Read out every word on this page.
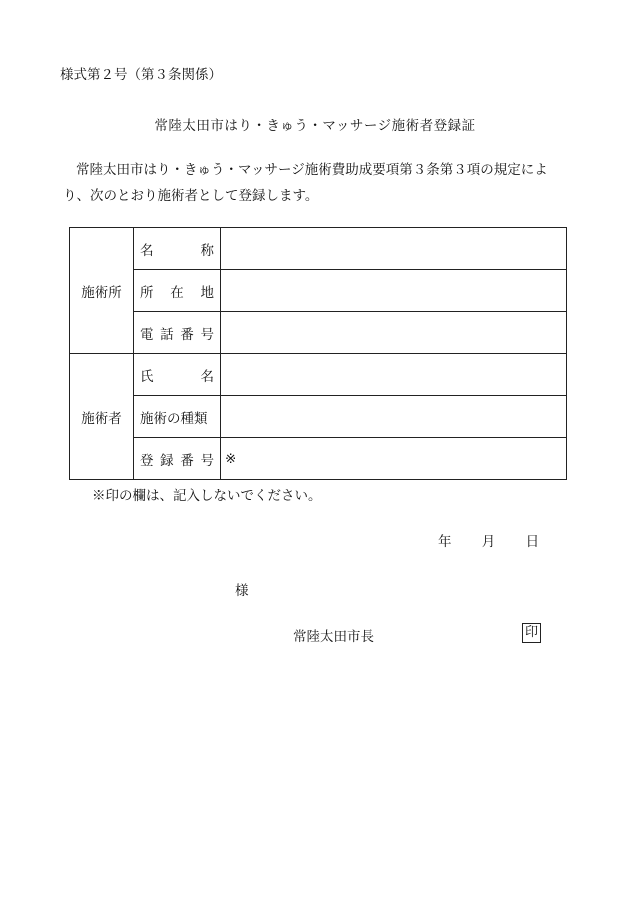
様式第２号（第３条関係）
常陸太田市はり・きゅう・マッサージ施術者登録証
常陸太田市はり・きゅう・マッサージ施術費助成要項第３条第３項の規定により、次のとおり施術者として登録します。
施術所	名 称	

	所 在 地	

	電 話 番 号	

施術者	氏 名	

	施術の種類	

	登 録 番 号	※
※印の欄は、記入しないでください。
年 月 日
様
常陸太田市長	印
